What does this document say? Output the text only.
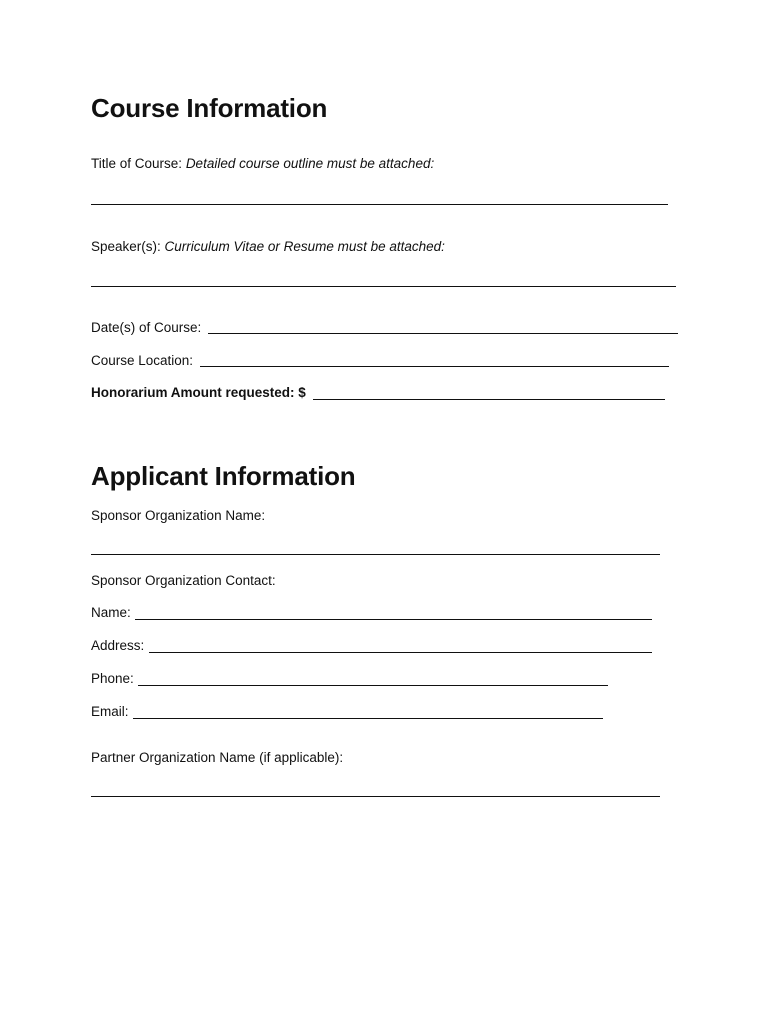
Course Information
Title of Course: Detailed course outline must be attached:
Speaker(s): Curriculum Vitae or Resume must be attached:
Date(s) of Course:
Course Location:
Honorarium Amount requested: $
Applicant Information
Sponsor Organization Name:
Sponsor Organization Contact:
Name:
Address:
Phone:
Email:
Partner Organization Name (if applicable):
